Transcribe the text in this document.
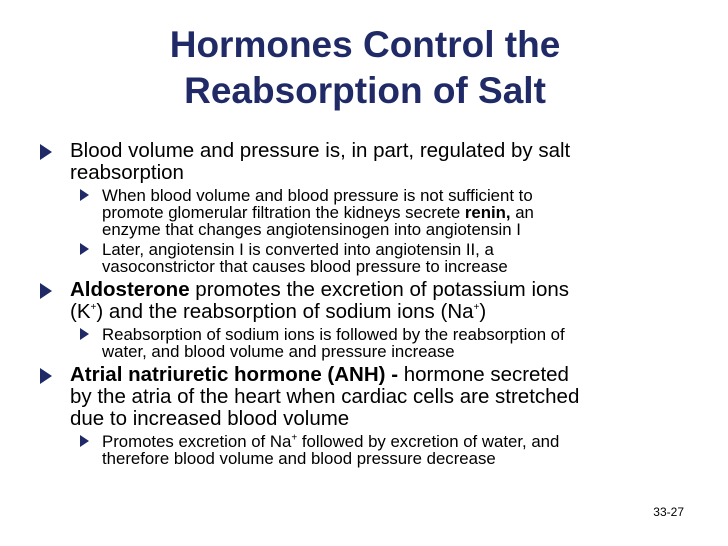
Hormones Control the
Reabsorption of Salt
Blood volume and pressure is, in part, regulated by salt
reabsorption
When blood volume and blood pressure is not sufficient to
promote glomerular filtration the kidneys secrete renin, an
enzyme that changes angiotensinogen into angiotensin I
Later, angiotensin I is converted into angiotensin II, a
vasoconstrictor that causes blood pressure to increase
Aldosterone promotes the excretion of potassium ions
(K+) and the reabsorption of sodium ions (Na+)
Reabsorption of sodium ions is followed by the reabsorption of
water, and blood volume and pressure increase
Atrial natriuretic hormone (ANH) - hormone secreted
by the atria of the heart when cardiac cells are stretched
due to increased blood volume
Promotes excretion of Na+ followed by excretion of water, and
therefore blood volume and blood pressure decrease
33-27
